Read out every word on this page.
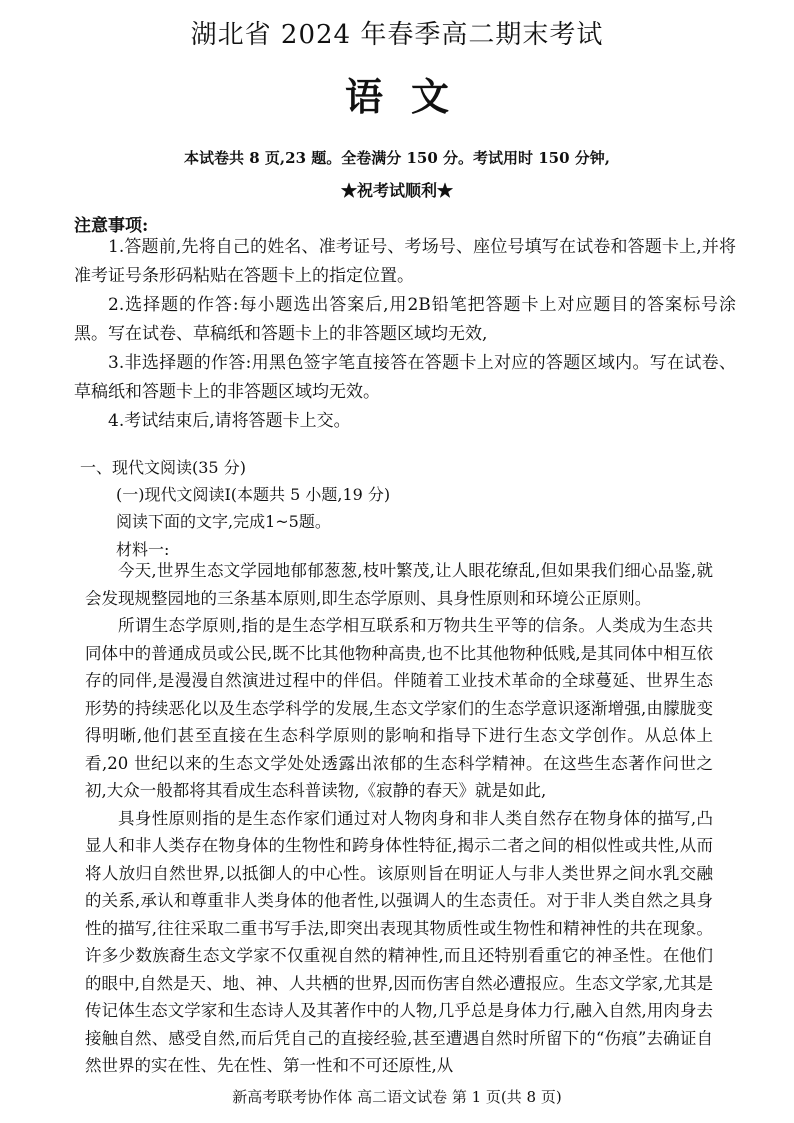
湖北省 2024 年春季高二期末考试
语文
本试卷共 8 页,23 题。全卷满分 150 分。考试用时 150 分钟,
★祝考试顺利★
注意事项:

1.答题前,先将自己的姓名、准考证号、考场号、座位号填写在试卷和答题卡上,并将准考证号条形码粘贴在答题卡上的指定位置。

2.选择题的作答:每小题选出答案后,用2B铅笔把答题卡上对应题目的答案标号涂黑。写在试卷、草稿纸和答题卡上的非答题区域均无效,

3.非选择题的作答:用黑色签字笔直接答在答题卡上对应的答题区域内。写在试卷、草稿纸和答题卡上的非答题区域均无效。

4.考试结束后,请将答题卡上交。

一、现代文阅读(35 分)
(一)现代文阅读Ⅰ(本题共 5 小题,19 分)
阅读下面的文字,完成1~5题。
材料一:

今天,世界生态文学园地郁郁葱葱,枝叶繁茂,让人眼花缭乱,但如果我们细心品鉴,就会发现规整园地的三条基本原则,即生态学原则、具身性原则和环境公正原则。

所谓生态学原则,指的是生态学相互联系和万物共生平等的信条。人类成为生态共同体中的普通成员或公民,既不比其他物种高贵,也不比其他物种低贱,是其同体中相互依存的同伴,是漫漫自然演进过程中的伴侣。伴随着工业技术革命的全球蔓延、世界生态形势的持续恶化以及生态学科学的发展,生态文学家们的生态学意识逐渐增强,由朦胧变得明晰,他们甚至直接在生态科学原则的影响和指导下进行生态文学创作。从总体上看,20 世纪以来的生态文学处处透露出浓郁的生态科学精神。在这些生态著作问世之初,大众一般都将其看成生态科普读物,《寂静的春天》就是如此,

具身性原则指的是生态作家们通过对人物肉身和非人类自然存在物身体的描写,凸显人和非人类存在物身体的生物性和跨身体性特征,揭示二者之间的相似性或共性,从而将人放归自然世界,以抵御人的中心性。该原则旨在明证人与非人类世界之间水乳交融的关系,承认和尊重非人类身体的他者性,以强调人的生态责任。对于非人类自然之具身性的描写,往往采取二重书写手法,即突出表现其物质性或生物性和精神性的共在现象。许多少数族裔生态文学家不仅重视自然的精神性,而且还特别看重它的神圣性。在他们的眼中,自然是天、地、神、人共栖的世界,因而伤害自然必遭报应。生态文学家,尤其是传记体生态文学家和生态诗人及其著作中的人物,几乎总是身体力行,融入自然,用肉身去接触自然、感受自然,而后凭自己的直接经验,甚至遭遇自然时所留下的“伤痕”去确证自然世界的实在性、先在性、第一性和不可还原性,从

新高考联考协作体 高二语文试卷 第 1 页(共 8 页)
